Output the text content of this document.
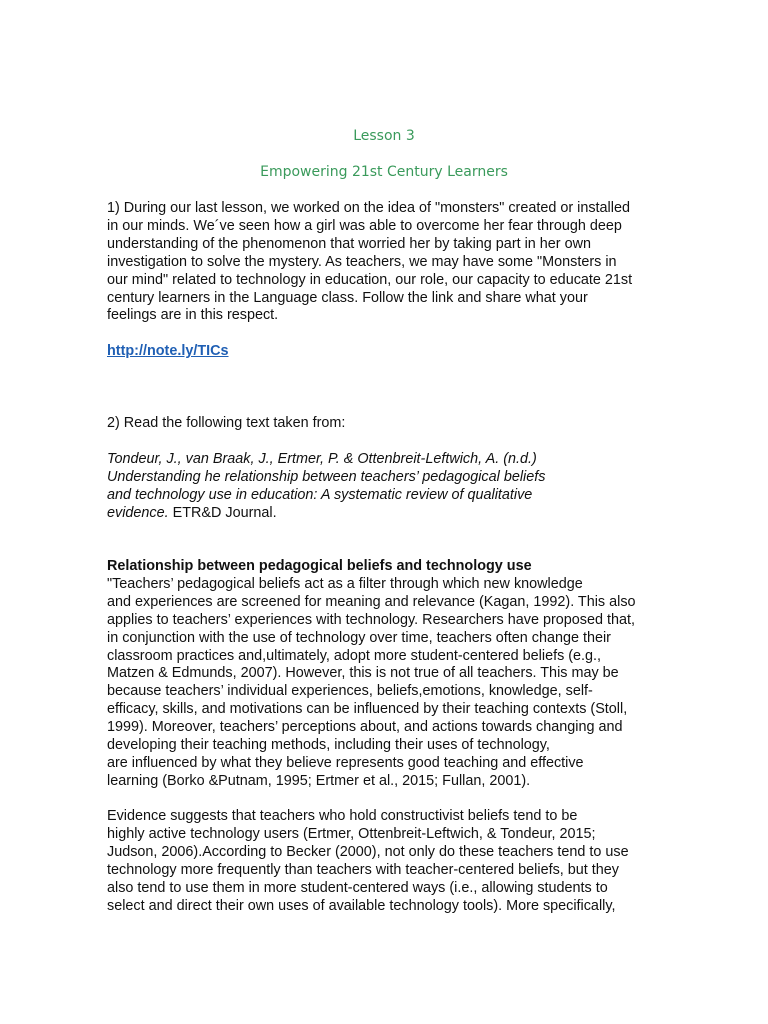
Lesson 3
Empowering 21st Century Learners
1) During our last lesson, we worked on the idea of "monsters" created or installed
in our minds. We´ve seen how a girl was able to overcome her fear through deep
understanding of the phenomenon that worried her by taking part in her own
investigation to solve the mystery. As teachers, we may have some "Monsters in
our mind" related to technology in education, our role, our capacity to educate 21st
century learners in the Language class. Follow the link and share what your
feelings are in this respect.
http://note.ly/TICs
2) Read the following text taken from:
Tondeur, J., van Braak, J., Ertmer, P. & Ottenbreit-Leftwich, A. (n.d.)
Understanding he relationship between teachers’ pedagogical beliefs
and technology use in education: A systematic review of qualitative
evidence. ETR&D Journal.
Relationship between pedagogical beliefs and technology use
"Teachers’ pedagogical beliefs act as a filter through which new knowledge
and experiences are screened for meaning and relevance (Kagan, 1992). This also
applies to teachers’ experiences with technology. Researchers have proposed that,
in conjunction with the use of technology over time, teachers often change their
classroom practices and,ultimately, adopt more student-centered beliefs (e.g.,
Matzen & Edmunds, 2007). However, this is not true of all teachers. This may be
because teachers’ individual experiences, beliefs,emotions, knowledge, self-
efficacy, skills, and motivations can be influenced by their teaching contexts (Stoll,
1999). Moreover, teachers’ perceptions about, and actions towards changing and
developing their teaching methods, including their uses of technology,
are influenced by what they believe represents good teaching and effective
learning (Borko &Putnam, 1995; Ertmer et al., 2015; Fullan, 2001).
Evidence suggests that teachers who hold constructivist beliefs tend to be
highly active technology users (Ertmer, Ottenbreit-Leftwich, & Tondeur, 2015;
Judson, 2006).According to Becker (2000), not only do these teachers tend to use
technology more frequently than teachers with teacher-centered beliefs, but they
also tend to use them in more student-centered ways (i.e., allowing students to
select and direct their own uses of available technology tools). More specifically,
